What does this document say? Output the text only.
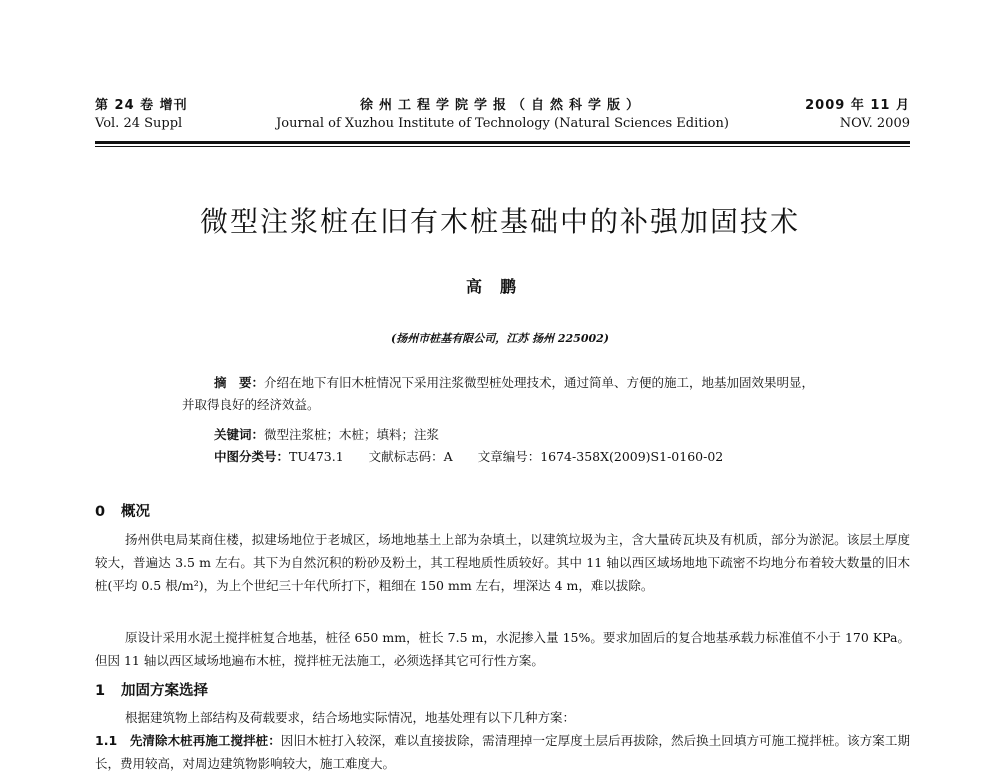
第 24 卷 增刊
Vol. 24 Suppl
徐州工程学院学报（自然科学版）
Journal of Xuzhou Institute of Technology (Natural Sciences Edition)
2009 年 11 月
NOV. 2009
微型注浆桩在旧有木桩基础中的补强加固技术
高鹏
(扬州市桩基有限公司，江苏 扬州 225002)
摘　要：介绍在地下有旧木桩情况下采用注浆微型桩处理技术，通过简单、方便的施工，地基加固效果明显，并取得良好的经济效益。
关键词：微型注浆桩；木桩；填料；注浆
中图分类号：TU473.1　　文献标志码：A　　文章编号：1674-358X(2009)S1-0160-02
0 概况
扬州供电局某商住楼，拟建场地位于老城区，场地地基土上部为杂填土，以建筑垃圾为主，含大量砖瓦块及有机质，部分为淤泥。该层土厚度较大，普遍达 3.5 m 左右。其下为自然沉积的粉砂及粉土，其工程地质性质较好。其中 11 轴以西区域场地地下疏密不均地分布着较大数量的旧木桩(平均 0.5 根/m²)，为上个世纪三十年代所打下，粗细在 150 mm 左右，埋深达 4 m，难以拔除。
原设计采用水泥土搅拌桩复合地基，桩径 650 mm，桩长 7.5 m，水泥掺入量 15%。要求加固后的复合地基承载力标准值不小于 170 KPa。但因 11 轴以西区域场地遍布木桩，搅拌桩无法施工，必须选择其它可行性方案。
1 加固方案选择
根据建筑物上部结构及荷载要求，结合场地实际情况，地基处理有以下几种方案：
1.1　先清除木桩再施工搅拌桩：因旧木桩打入较深，难以直接拔除，需清理掉一定厚度土层后再拔除，然后换土回填方可施工搅拌桩。该方案工期长，费用较高，对周边建筑物影响较大，施工难度大。
